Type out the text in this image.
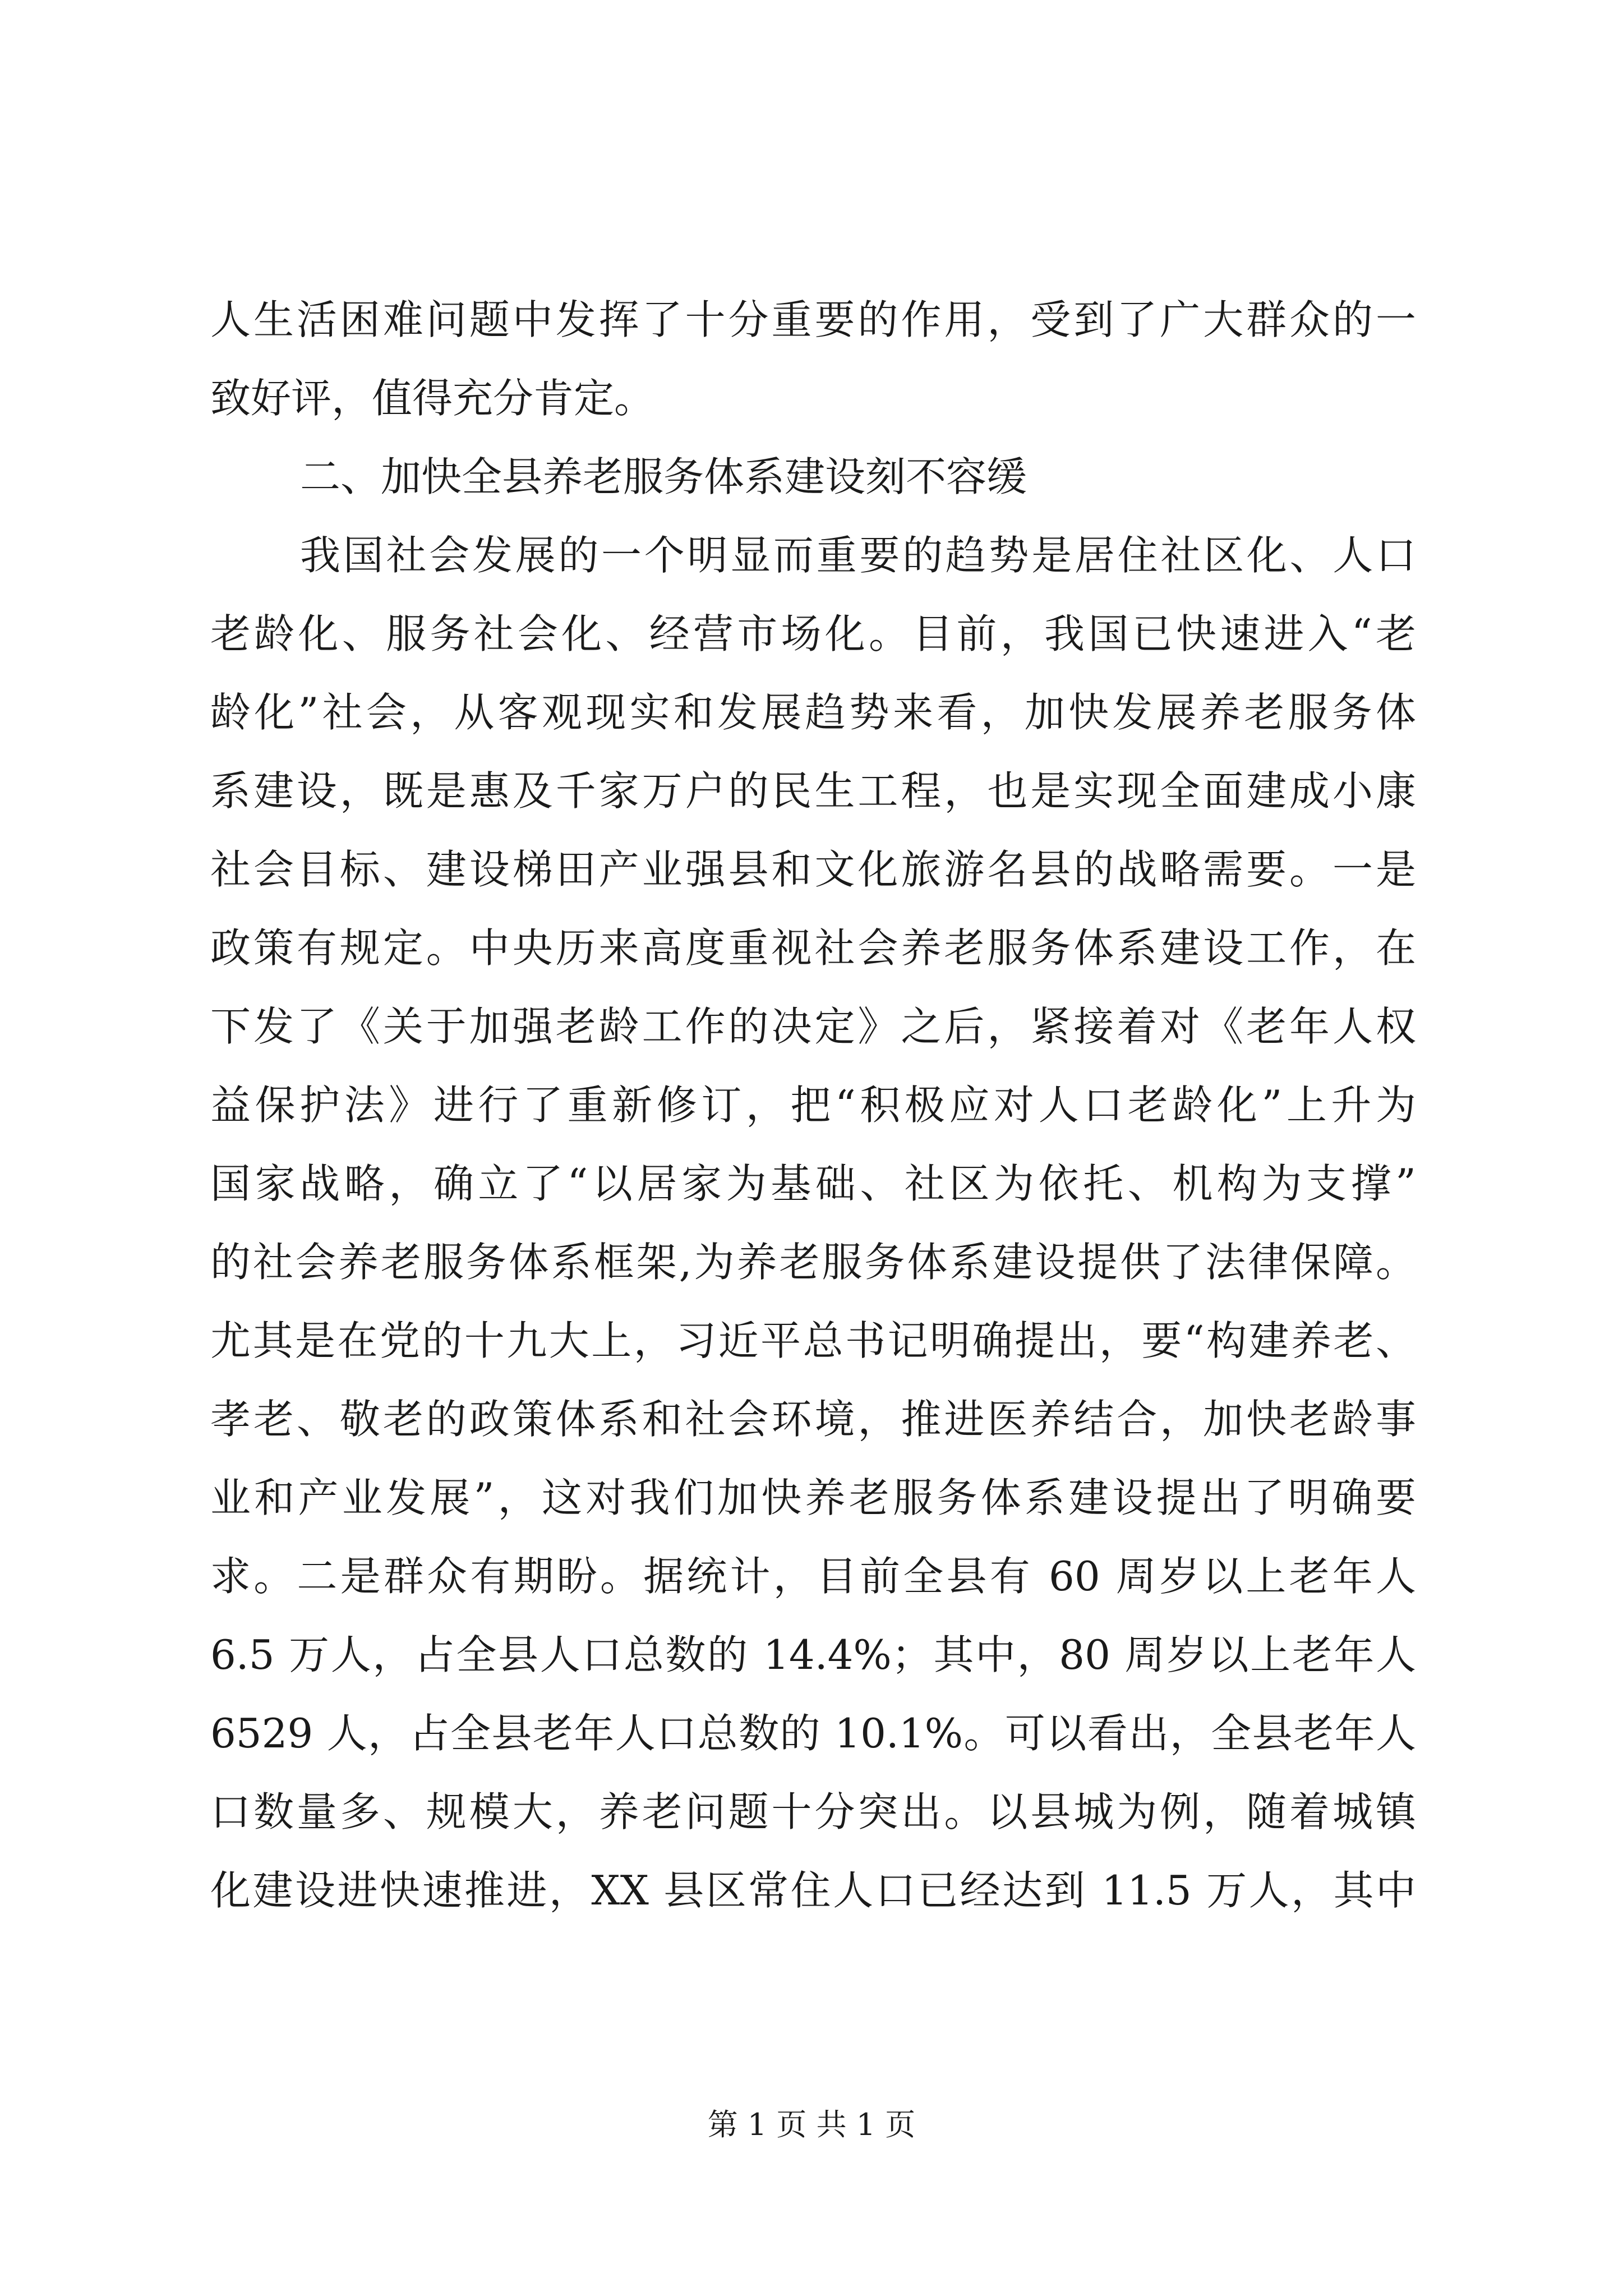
人生活困难问题中发挥了十分重要的作用，受到了广大群众的一
致好评，值得充分肯定。
二、加快全县养老服务体系建设刻不容缓
我国社会发展的一个明显而重要的趋势是居住社区化、人口
老龄化、服务社会化、经营市场化。目前，我国已快速进入“老
龄化”社会，从客观现实和发展趋势来看，加快发展养老服务体
系建设，既是惠及千家万户的民生工程，也是实现全面建成小康
社会目标、建设梯田产业强县和文化旅游名县的战略需要。一是
政策有规定。中央历来高度重视社会养老服务体系建设工作，在
下发了《关于加强老龄工作的决定》之后，紧接着对《老年人权
益保护法》进行了重新修订，把“积极应对人口老龄化”上升为
国家战略，确立了“以居家为基础、社区为依托、机构为支撑”
的社会养老服务体系框架,为养老服务体系建设提供了法律保障。
尤其是在党的十九大上，习近平总书记明确提出，要“构建养老、
孝老、敬老的政策体系和社会环境，推进医养结合，加快老龄事
业和产业发展”，这对我们加快养老服务体系建设提出了明确要
求。二是群众有期盼。据统计，目前全县有 60 周岁以上老年人
6.5 万人，占全县人口总数的 14.4%；其中，80 周岁以上老年人
6529 人，占全县老年人口总数的 10.1%。可以看出，全县老年人
口数量多、规模大，养老问题十分突出。以县城为例，随着城镇
化建设进快速推进，XX 县区常住人口已经达到 11.5 万人，其中
第 1 页 共 1 页
